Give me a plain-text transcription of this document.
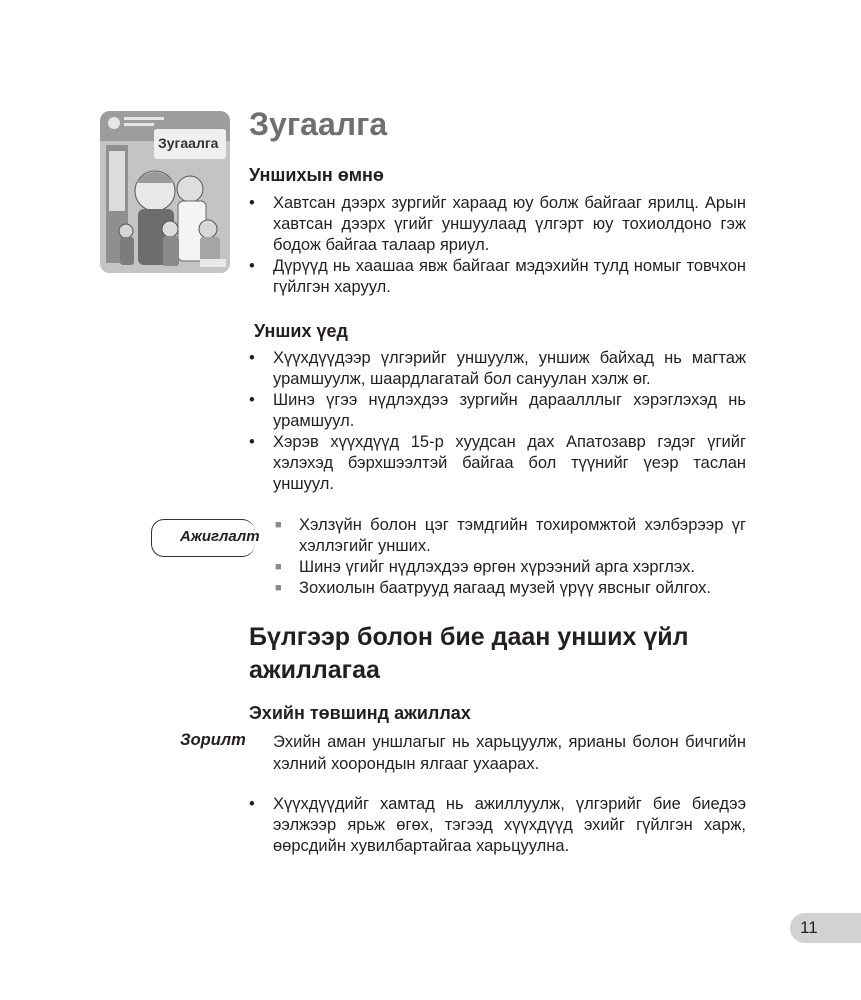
Зугаалга
Зугаалга
Уншихын өмнө
•	Хавтсан дээрх зургийг хараад юу болж байгааг ярилц. Арын хавтсан дээрх үгийг уншуулаад үлгэрт юу тохиолдоно гэж бодож байгаа талаар яриул.
•	Дүрүүд нь хаашаа явж байгааг мэдэхийн тулд номыг товчхон гүйлгэн харуул.
Унших үед
•	Хүүхдүүдээр үлгэрийг уншуулж, уншиж байхад нь магтаж урамшуулж, шаардлагатай бол сануулан хэлж өг.
•	Шинэ үгээ нүдлэхдээ зургийн дараалллыг хэрэглэхэд нь урамшуул.
•	Хэрэв хүүхдүүд 15-р хуудсан дах Апатозавр гэдэг үгийг хэлэхэд бэрхшээлтэй байгаа бол түүнийг үеэр таслан уншуул.
Ажиглалт
■	Хэлзүйн болон цэг тэмдгийн тохиромжтой хэлбэрээр үг хэллэгийг унших.
■	Шинэ үгийг нүдлэхдээ өргөн хүрээний арга хэрглэх.
■	Зохиолын баатрууд яагаад музей үрүү явсныг ойлгох.
Бүлгээр болон бие даан унших үйл ажиллагаа
Эхийн төвшинд ажиллах
Зорилт Эхийн аман уншлагыг нь харьцуулж, ярианы болон бичгийн хэлний хоорондын ялгааг ухаарах.

•	Хүүхдүүдийг хамтад нь ажиллуулж, үлгэрийг бие биедээ ээлжээр ярьж өгөх, тэгээд хүүхдүүд эхийг гүйлгэн харж, өөрсдийн хувилбартайгаа харьцуулна.
11
